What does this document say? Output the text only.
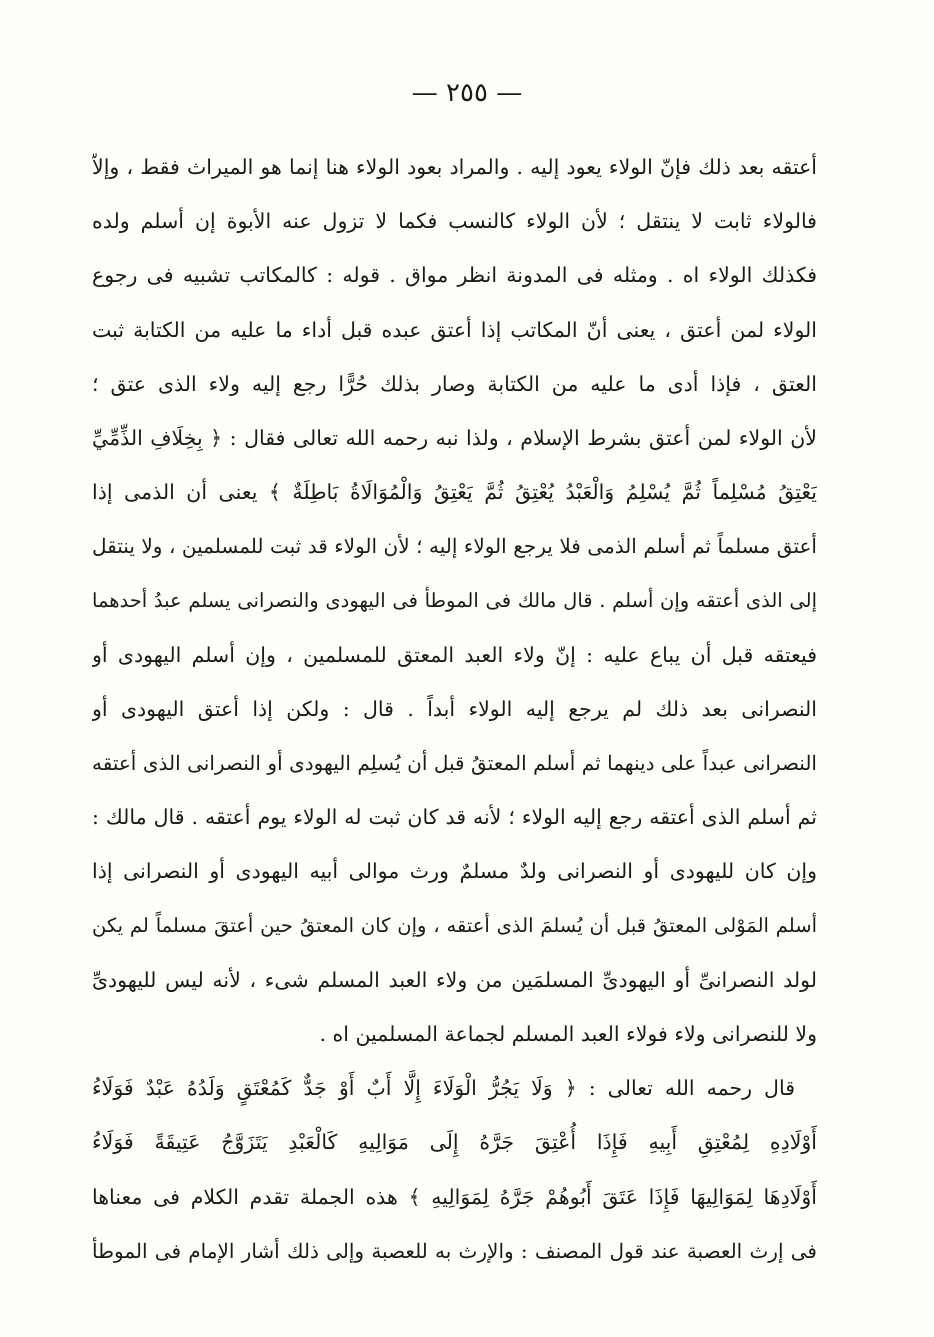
— ٢٥٥ —
أعتقه بعد ذلك فإنّ الولاء يعود إليه . والمراد بعود الولاء هنا إنما هو الميراث فقط ، وإلاّ
فالولاء ثابت لا ينتقل ؛ لأن الولاء كالنسب فكما لا تزول عنه الأبوة إن أسلم ولده
فكذلك الولاء اه . ومثله فى المدونة انظر مواق . قوله : كالمكاتب تشبيه فى رجوع
الولاء لمن أعتق ، يعنى أنّ المكاتب إذا أعتق عبده قبل أداء ما عليه من الكتابة ثبت
العتق ، فإذا أدى ما عليه من الكتابة وصار بذلك حُرًّا رجع إليه ولاء الذى عتق ؛
لأن الولاء لمن أعتق بشرط الإسلام ، ولذا نبه رحمه الله تعالى فقال : ﴿ بِخِلَافِ الذِّمِّيِّ
يَعْتِقُ مُسْلِماً ثُمَّ يُسْلِمُ وَالْعَبْدُ يُعْتِقُ ثُمَّ يَعْتِقُ وَالْمُوَالَاةُ بَاطِلَةٌ ﴾ يعنى أن الذمى إذا
أعتق مسلماً ثم أسلم الذمى فلا يرجع الولاء إليه ؛ لأن الولاء قد ثبت للمسلمين ، ولا ينتقل
إلى الذى أعتقه وإن أسلم . قال مالك فى الموطأ فى اليهودى والنصرانى يسلم عبدُ أحدهما
فيعتقه قبل أن يباع عليه : إنّ ولاء العبد المعتق للمسلمين ، وإن أسلم اليهودى أو
النصرانى بعد ذلك لم يرجع إليه الولاء أبداً . قال : ولكن إذا أعتق اليهودى أو
النصرانى عبداً على دينهما ثم أسلم المعتقُ قبل أن يُسلِم اليهودى أو النصرانى الذى أعتقه
ثم أسلم الذى أعتقه رجع إليه الولاء ؛ لأنه قد كان ثبت له الولاء يوم أعتقه . قال مالك :
وإن كان لليهودى أو النصرانى ولدٌ مسلمٌ ورث موالى أبيه اليهودى أو النصرانى إذا
أسلم المَوْلى المعتقُ قبل أن يُسلمَ الذى أعتقه ، وإن كان المعتقُ حين أعتقَ مسلماً لم يكن
لولد النصرانىِّ أو اليهودىِّ المسلمَين من ولاء العبد المسلم شىء ، لأنه ليس لليهودىِّ
ولا للنصرانى ولاء فولاء العبد المسلم لجماعة المسلمين اه .
قال رحمه الله تعالى : ﴿ وَلَا يَجُرُّ الْوَلَاءَ إِلَّا أَبٌ أَوْ جَدٌّ كَمُعْتَقٍ وَلَدُهُ عَبْدٌ فَوَلَاءُ
أَوْلَادِهِ لِمُعْتِقِ أَبِيهِ فَإِذَا أُعْتِقَ جَرَّهُ إِلَى مَوَالِيهِ كَالْعَبْدِ يَتَزَوَّجُ عَتِيقَةً فَوَلَاءُ
أَوْلَادِهَا لِمَوَالِيهَا فَإِذَا عَتَقَ أَبُوهُمْ جَرَّهُ لِمَوَالِيهِ ﴾ هذه الجملة تقدم الكلام فى معناها
فى إرث العصبة عند قول المصنف : والإرث به للعصبة وإلى ذلك أشار الإمام فى الموطأ
